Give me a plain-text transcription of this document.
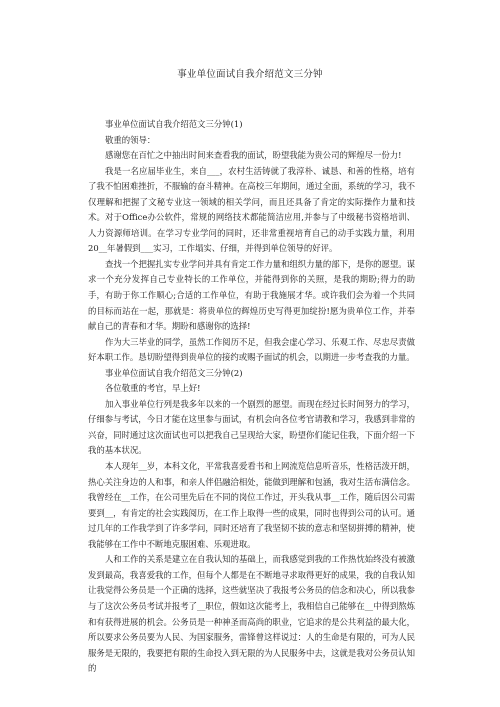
事业单位面试自我介绍范文三分钟

事业单位面试自我介绍范文三分钟(1)

敬重的领导：

感谢您在百忙之中抽出时间来查看我的面试，盼望我能为贵公司的辉煌尽一份力!

我是一名应届毕业生，来自___，农村生活铸就了我淳朴、诚恳、和善的性格，培有了我不怕困难挫折，不服输的奋斗精神。在高校三年期间，通过全面，系统的学习，我不仅理解和把握了文秘专业这一领域的相关学问，而且还具备了肯定的实际操作力量和技术。对于Office办公软件，常规的网络技术都能简洁应用,并参与了中级秘书资格培训、人力资源师培训。在学习专业学问的同时，还非常重视培育自己的动手实践力量，利用20__年暑假到___实习，工作塌实、仔细，并得到单位领导的好评。

查找一个把握扎实专业学问并具有肯定工作力量和组织力量的部下，是你的愿望。谋求一个充分发挥自己专业特长的工作单位，并能得到你的关照，是我的期盼;得力的助手，有助于你工作顺心;合适的工作单位，有助于我施展才华。或许我们会为着一个共同的目标而站在一起，那就是：将贵单位的辉煌历史写得更加绽扮!愿为贵单位工作，并奉献自己的青春和才华。期盼和感谢你的选择!

作为大三毕业的同学，虽然工作阅历不足，但我会虚心学习、乐观工作、尽忠尽责做好本职工作。恳切盼望得到贵单位的接约或赐予面试的机会，以期进一步考查我的力量。

事业单位面试自我介绍范文三分钟(2)

各位敬重的考官，早上好!

加入事业单位行列是我多年以来的一个剧烈的愿望。而现在经过长时间努力的学习，仔细参与考试，今日才能在这里参与面试，有机会向各位考官请教和学习，我感到非常的兴奋，同时通过这次面试也可以把我自己呈现给大家，盼望你们能记住我，下面介绍一下我的基本状况。

本人现年__岁，本科文化，平常我喜爱看书和上网流览信息听音乐，性格活泼开朗，热心关注身边的人和事，和亲人伴侣融洽相处，能做到理解和包涵，我对生活布满信念。我曾经在__工作，在公司里先后在不同的岗位工作过，开头我从事__工作，随后因公司需要到__，有肯定的社会实践阅历，在工作上取得一些的成果，同时也得到公司的认可。通过几年的工作我学到了许多学问，同时还培育了我坚韧不拔的意志和坚韧拼搏的精神，使我能够在工作中不断地克服困难、乐观进取。

人和工作的关系是建立在自我认知的基础上，而我感觉到我的工作热忱始终没有被激发到最高，我喜爱我的工作，但每个人都是在不断地寻求取得更好的成果，我的自我认知让我觉得公务员是一个正确的选择，这些就坚决了我报考公务员的信念和决心，所以我参与了这次公务员考试并报考了__职位，假如这次能考上，我相信自己能够在__中得到熬炼和有获得进展的机会。公务员是一种神圣而高尚的职业，它追求的是公共利益的最大化，所以要求公务员要为人民、为国家服务，雷锋曾这样说过：人的生命是有限的，可为人民服务是无限的，我要把有限的生命投入到无限的为人民服务中去，这就是我对公务员认知的
